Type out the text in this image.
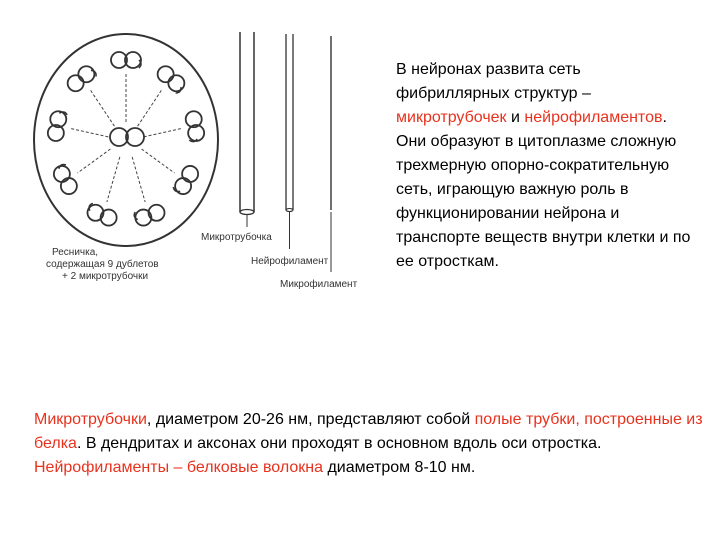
Ресничка,
содержащая 9 дублетов
+ 2 микротрубочки
Микротрубочка
Нейрофиламент
Микрофиламент

В нейронах развита сеть фибриллярных структур – микротрубочек и нейрофиламентов. Они образуют в цитоплазме сложную трехмерную опорно-сократительную сеть, играющую важную роль в функционировании нейрона и транспорте веществ внутри клетки и по ее отросткам.

Микротрубочки, диаметром 20-26 нм, представляют собой полые трубки, построенные из белка. В дендритах и аксонах они проходят в основном вдоль оси отростка.

Нейрофиламенты – белковые волокна диаметром 8-10 нм.
